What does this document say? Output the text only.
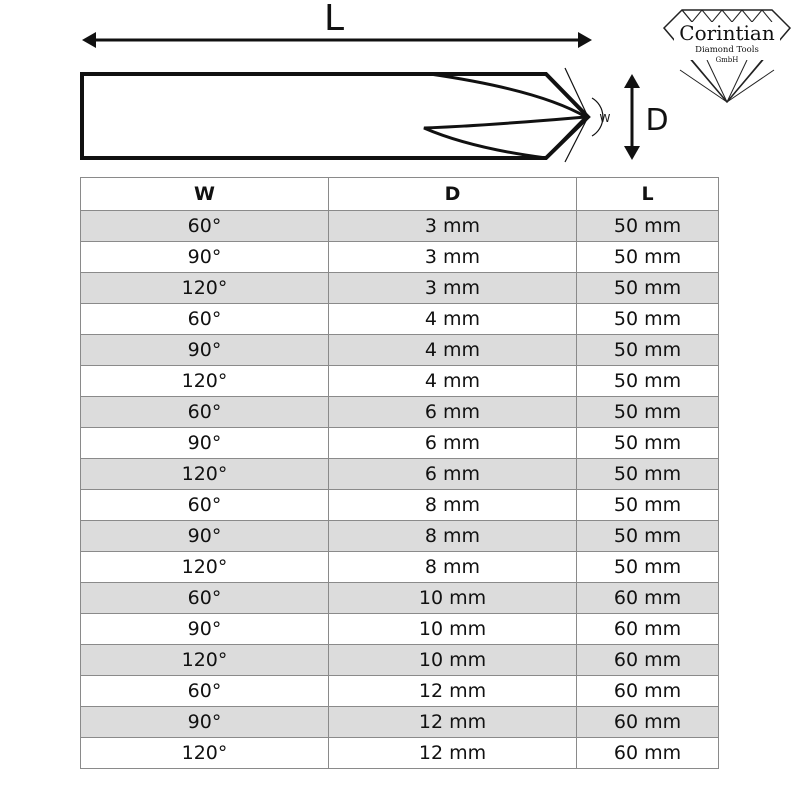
L
W D
Corintian
Diamond Tools
GmbH
W	D	L
60°	3 mm	50 mm
90°	3 mm	50 mm
120°	3 mm	50 mm
60°	4 mm	50 mm
90°	4 mm	50 mm
120°	4 mm	50 mm
60°	6 mm	50 mm
90°	6 mm	50 mm
120°	6 mm	50 mm
60°	8 mm	50 mm
90°	8 mm	50 mm
120°	8 mm	50 mm
60°	10 mm	60 mm
90°	10 mm	60 mm
120°	10 mm	60 mm
60°	12 mm	60 mm
90°	12 mm	60 mm
120°	12 mm	60 mm
